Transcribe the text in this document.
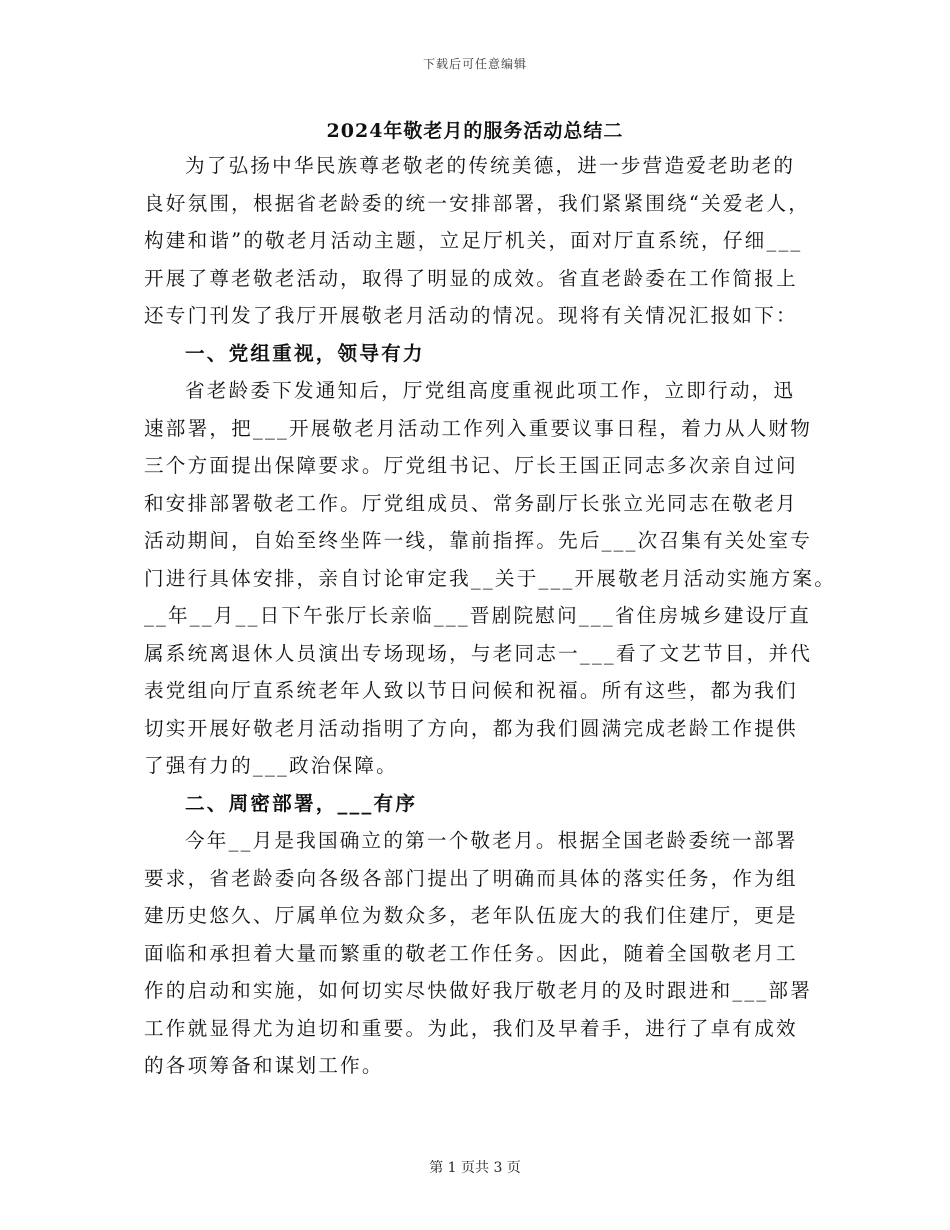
下载后可任意编辑
2024年敬老月的服务活动总结二
为了弘扬中华民族尊老敬老的传统美德，进一步营造爱老助老的
良好氛围，根据省老龄委的统一安排部署，我们紧紧围绕“关爱老人，
构建和谐”的敬老月活动主题，立足厅机关，面对厅直系统，仔细___
开展了尊老敬老活动，取得了明显的成效。省直老龄委在工作简报上
还专门刊发了我厅开展敬老月活动的情况。现将有关情况汇报如下：
一、党组重视，领导有力
省老龄委下发通知后，厅党组高度重视此项工作，立即行动，迅
速部署，把___开展敬老月活动工作列入重要议事日程，着力从人财物
三个方面提出保障要求。厅党组书记、厅长王国正同志多次亲自过问
和安排部署敬老工作。厅党组成员、常务副厅长张立光同志在敬老月
活动期间，自始至终坐阵一线，靠前指挥。先后___次召集有关处室专
门进行具体安排，亲自讨论审定我__关于___开展敬老月活动实施方案。
__年__月__日下午张厅长亲临___晋剧院慰问___省住房城乡建设厅直
属系统离退休人员演出专场现场，与老同志一___看了文艺节目，并代
表党组向厅直系统老年人致以节日问候和祝福。所有这些，都为我们
切实开展好敬老月活动指明了方向，都为我们圆满完成老龄工作提供
了强有力的___政治保障。
二、周密部署，___有序
今年__月是我国确立的第一个敬老月。根据全国老龄委统一部署
要求，省老龄委向各级各部门提出了明确而具体的落实任务，作为组
建历史悠久、厅属单位为数众多，老年队伍庞大的我们住建厅，更是
面临和承担着大量而繁重的敬老工作任务。因此，随着全国敬老月工
作的启动和实施，如何切实尽快做好我厅敬老月的及时跟进和___部署
工作就显得尤为迫切和重要。为此，我们及早着手，进行了卓有成效
的各项筹备和谋划工作。
第 1 页共 3 页
